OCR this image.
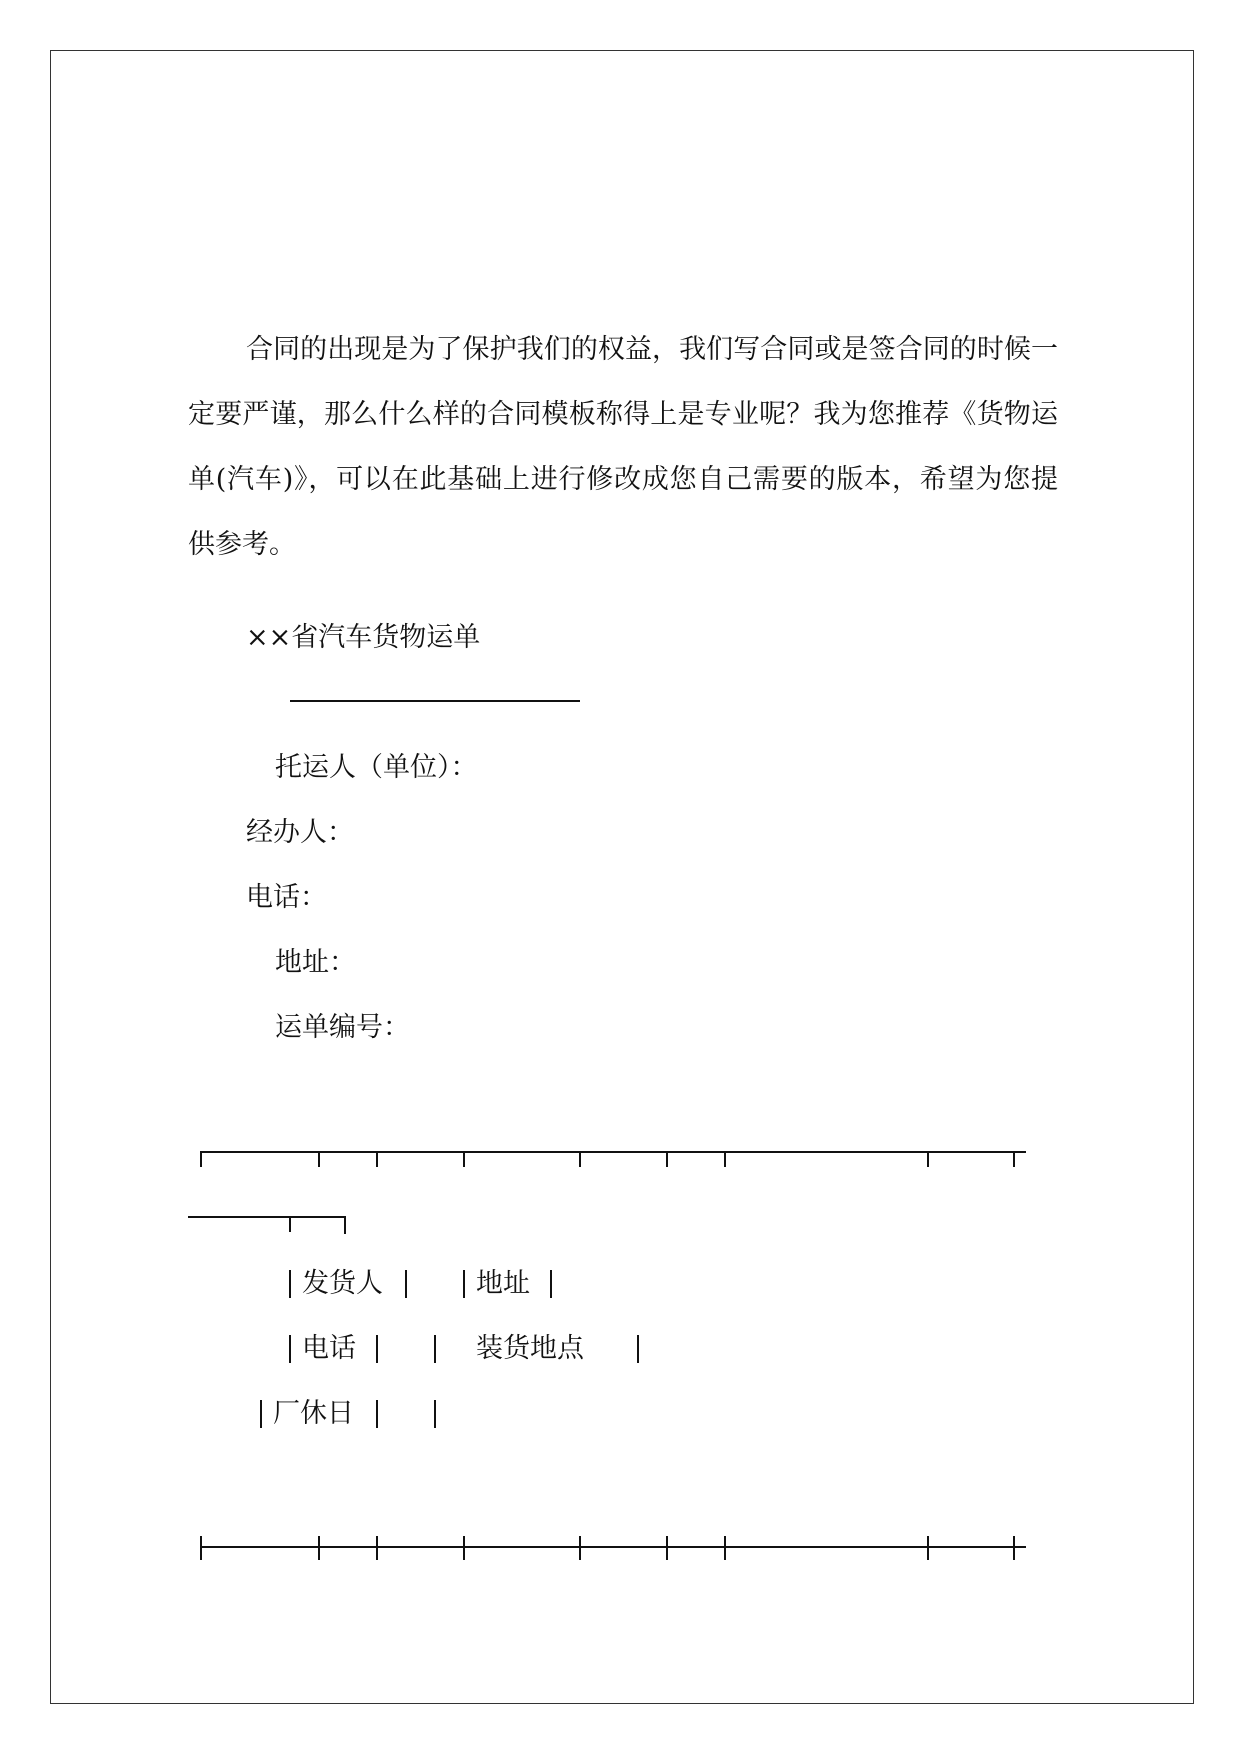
合同的出现是为了保护我们的权益，我们写合同或是签合同的时候一定要严谨，那么什么样的合同模板称得上是专业呢？我为您推荐《货物运单(汽车)》，可以在此基础上进行修改成您自己需要的版本，希望为您提供参考。

××省汽车货物运单
托运人（单位）：
经办人：
电话：
地址：
运单编号：
发货人	地址
电话	装货地点
厂休日
